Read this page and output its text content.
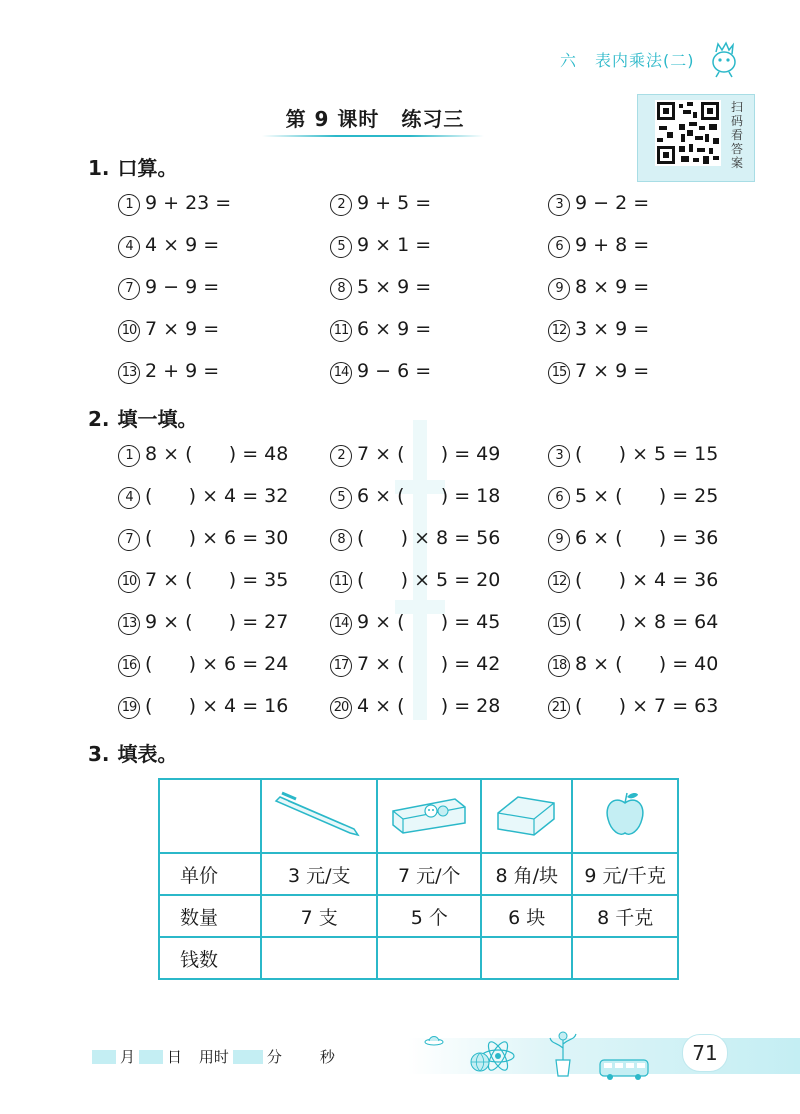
六 表内乘法(二)
第 9 课时 练习三	扫码看答案
1. 口算。
1 9 + 23 =	2 9 + 5 =	3 9 − 2 =
4 4 × 9 =	5 9 × 1 =	6 9 + 8 =
7 9 − 9 =	8 5 × 9 =	9 8 × 9 =
10 7 × 9 =	11 6 × 9 =	12 3 × 9 =
13 2 + 9 =	14 9 − 6 =	15 7 × 9 =
2. 填一填。
1 8 × (      ) = 48	2 7 × (      ) = 49	3 (      ) × 5 = 15
4 (      ) × 4 = 32	5 6 × (      ) = 18	6 5 × (      ) = 25
7 (      ) × 6 = 30	8 (      ) × 8 = 56	9 6 × (      ) = 36
10 7 × (      ) = 35	11 (      ) × 5 = 20	12 (      ) × 4 = 36
13 9 × (      ) = 27	14 9 × (      ) = 45	15 (      ) × 8 = 64
16 (      ) × 6 = 24	17 7 × (      ) = 42	18 8 × (      ) = 40
19 (      ) × 4 = 16	20 4 × (      ) = 28	21 (      ) × 7 = 63
3. 填表。

单价	3 元/支	7 元/个	8 角/块	9 元/千克
数量	7 支	5 个	6 块	8 千克
钱数				
月 日 用时	分	秒	71
